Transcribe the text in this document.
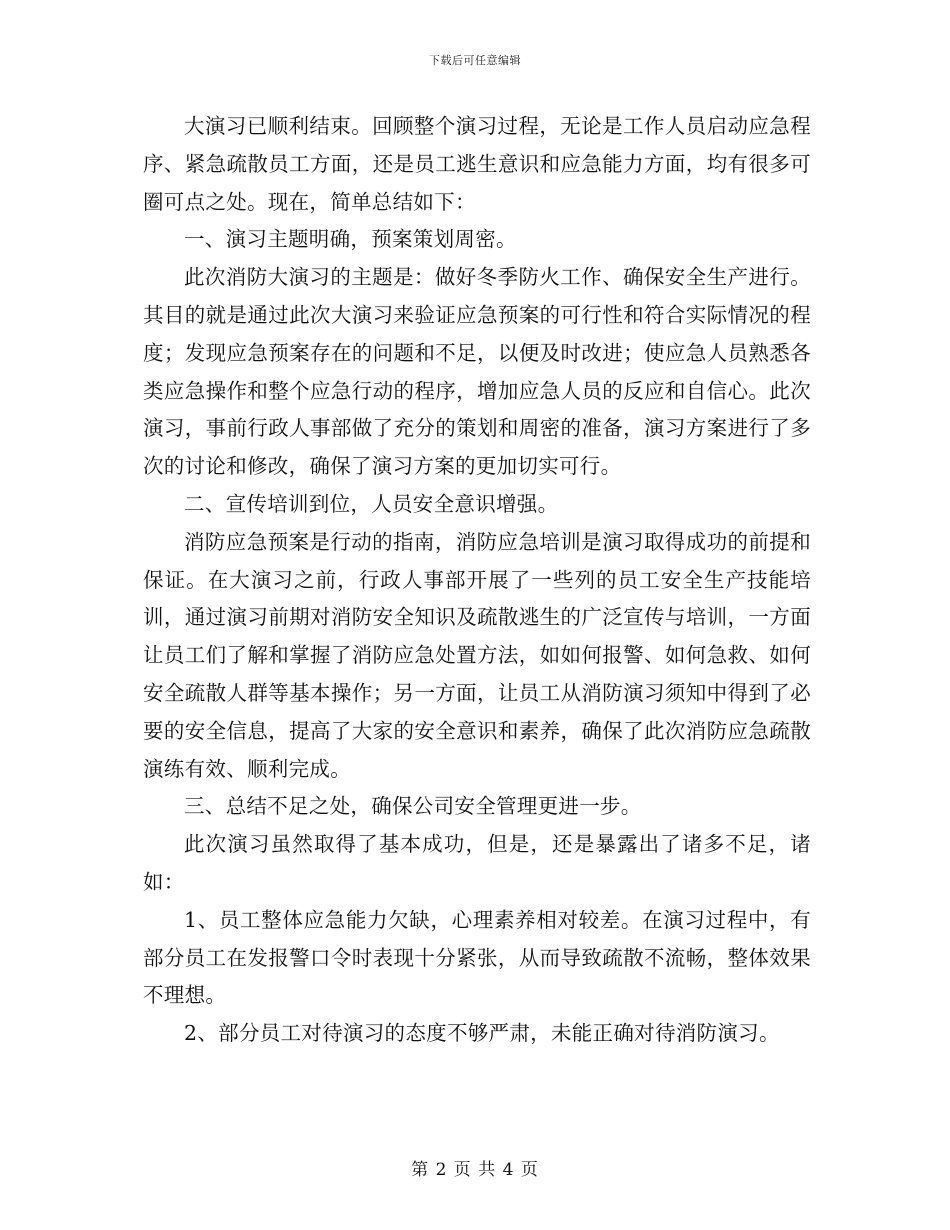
下载后可任意编辑

大演习已顺利结束。回顾整个演习过程，无论是工作人员启动应急程序、紧急疏散员工方面，还是员工逃生意识和应急能力方面，均有很多可圈可点之处。现在，简单总结如下：

一、演习主题明确，预案策划周密。

此次消防大演习的主题是：做好冬季防火工作、确保安全生产进行。其目的就是通过此次大演习来验证应急预案的可行性和符合实际情况的程度；发现应急预案存在的问题和不足，以便及时改进；使应急人员熟悉各类应急操作和整个应急行动的程序，增加应急人员的反应和自信心。此次演习，事前行政人事部做了充分的策划和周密的准备，演习方案进行了多次的讨论和修改，确保了演习方案的更加切实可行。

二、宣传培训到位，人员安全意识增强。

消防应急预案是行动的指南，消防应急培训是演习取得成功的前提和保证。在大演习之前，行政人事部开展了一些列的员工安全生产技能培训，通过演习前期对消防安全知识及疏散逃生的广泛宣传与培训，一方面让员工们了解和掌握了消防应急处置方法，如如何报警、如何急救、如何安全疏散人群等基本操作；另一方面，让员工从消防演习须知中得到了必要的安全信息，提高了大家的安全意识和素养，确保了此次消防应急疏散演练有效、顺利完成。

三、总结不足之处，确保公司安全管理更进一步。

此次演习虽然取得了基本成功，但是，还是暴露出了诸多不足，诸如：

1、员工整体应急能力欠缺，心理素养相对较差。在演习过程中，有部分员工在发报警口令时表现十分紧张，从而导致疏散不流畅，整体效果不理想。

2、部分员工对待演习的态度不够严肃，未能正确对待消防演习。

第 2 页 共 4 页
